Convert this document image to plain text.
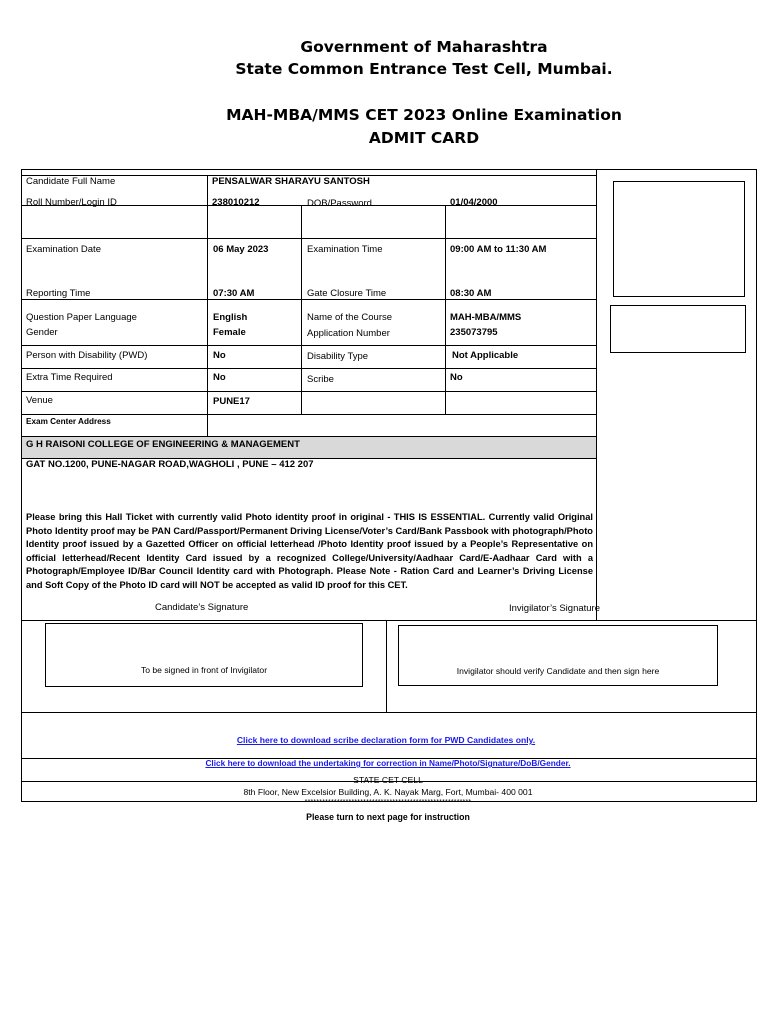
Government of Maharashtra
State Common Entrance Test Cell, Mumbai.
MAH-MBA/MMS CET 2023 Online Examination
ADMIT CARD
Candidate Full Name	PENSALWAR SHARAYU SANTOSH
Roll Number/Login ID	238010212	DOB/Password	01/04/2000
Examination Date	06 May 2023	Examination Time	09:00 AM to 11:30 AM
Reporting Time	07:30 AM	Gate Closure Time	08:30 AM
Question Paper Language	English	Name of the Course	MAH-MBA/MMS
Gender	Female	Application Number	235073795
Person with Disability (PWD)	No	Disability Type	Not Applicable
Extra Time Required	No	Scribe	No
Venue	PUNE17
Exam Center Address
G H RAISONI COLLEGE OF ENGINEERING & MANAGEMENT
GAT NO.1200, PUNE-NAGAR ROAD,WAGHOLI , PUNE – 412 207
Please bring this Hall Ticket with currently valid Photo identity proof in original - THIS IS ESSENTIAL. Currently valid Original Photo Identity proof may be PAN Card/Passport/Permanent Driving License/Voter’s Card/Bank Passbook with photograph/Photo Identity proof issued by a Gazetted Officer on official letterhead /Photo Identity proof issued by a People’s Representative on official letterhead/Recent Identity Card issued by a recognized College/University/Aadhaar Card/E-Aadhaar Card with a Photograph/Employee ID/Bar Council Identity card with Photograph. Please Note - Ration Card and Learner’s Driving License and Soft Copy of the Photo ID card will NOT be accepted as valid ID proof for this CET.
Candidate’s Signature	Invigilator’s Signature
To be signed in front of Invigilator	Invigilator should verify Candidate and then sign here
Click here to download scribe declaration form for PWD Candidates only.
Click here to download the undertaking for correction in Name/Photo/Signature/DoB/Gender.
STATE CET CELL
8th Floor, New Excelsior Building, A. K. Nayak Marg, Fort, Mumbai- 400 001
*********************************************************
Please turn to next page for instruction
